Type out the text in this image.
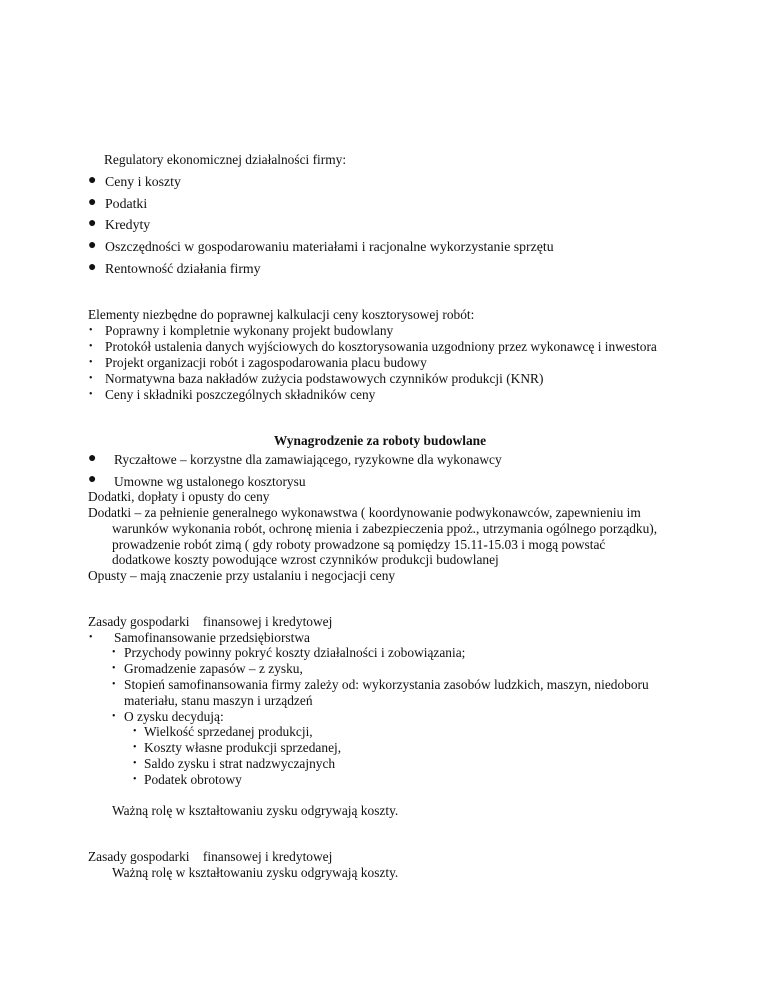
Regulatory ekonomicznej działalności firmy:
● Ceny i koszty
● Podatki
● Kredyty
● Oszczędności w gospodarowaniu materiałami i racjonalne wykorzystanie sprzętu
● Rentowność działania firmy
Elementy niezbędne do poprawnej kalkulacji ceny kosztorysowej robót:
• Poprawny i kompletnie wykonany projekt budowlany
• Protokół ustalenia danych wyjściowych do kosztorysowania uzgodniony przez wykonawcę i inwestora
• Projekt organizacji robót i zagospodarowania placu budowy
• Normatywna baza nakładów zużycia podstawowych czynników produkcji (KNR)
• Ceny i składniki poszczególnych składników ceny
Wynagrodzenie za roboty budowlane
● Ryczałtowe – korzystne dla zamawiającego, ryzykowne dla wykonawcy
● Umowne wg ustalonego kosztorysu
Dodatki, dopłaty i opusty do ceny
Dodatki – za pełnienie generalnego wykonawstwa ( koordynowanie podwykonawców, zapewnieniu im
warunków wykonania robót, ochronę mienia i zabezpieczenia ppoż., utrzymania ogólnego porządku),
prowadzenie robót zimą ( gdy roboty prowadzone są pomiędzy 15.11-15.03 i mogą powstać
dodatkowe koszty powodujące wzrost czynników produkcji budowlanej
Opusty – mają znaczenie przy ustalaniu i negocjacji ceny
Zasady gospodarki    finansowej i kredytowej
• Samofinansowanie przedsiębiorstwa
• Przychody powinny pokryć koszty działalności i zobowiązania;
• Gromadzenie zapasów – z zysku,
• Stopień samofinansowania firmy zależy od: wykorzystania zasobów ludzkich, maszyn, niedoboru
materiału, stanu maszyn i urządzeń
• O zysku decydują:
• Wielkość sprzedanej produkcji,
• Koszty własne produkcji sprzedanej,
• Saldo zysku i strat nadzwyczajnych
• Podatek obrotowy
Ważną rolę w kształtowaniu zysku odgrywają koszty.
Zasady gospodarki    finansowej i kredytowej
Ważną rolę w kształtowaniu zysku odgrywają koszty.
